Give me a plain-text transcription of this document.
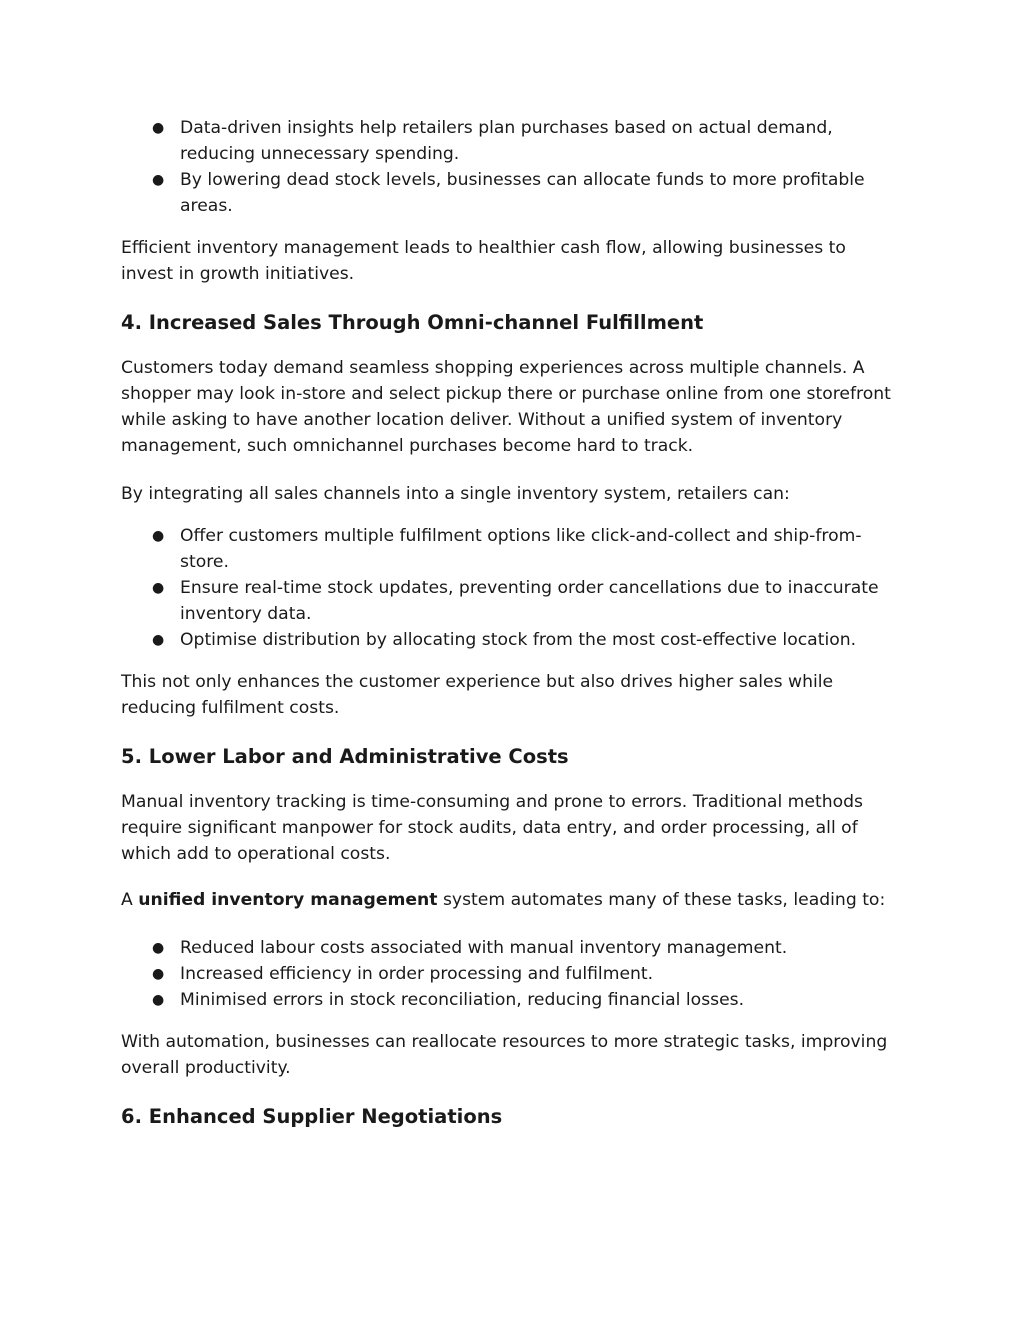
● Data-driven insights help retailers plan purchases based on actual demand, reducing unnecessary spending.
● By lowering dead stock levels, businesses can allocate funds to more profitable areas.

Efficient inventory management leads to healthier cash flow, allowing businesses to invest in growth initiatives.

4. Increased Sales Through Omni-channel Fulfillment

Customers today demand seamless shopping experiences across multiple channels. A shopper may look in-store and select pickup there or purchase online from one storefront while asking to have another location deliver. Without a unified system of inventory management, such omnichannel purchases become hard to track.

By integrating all sales channels into a single inventory system, retailers can:

● Offer customers multiple fulfilment options like click-and-collect and ship-from-store.
● Ensure real-time stock updates, preventing order cancellations due to inaccurate inventory data.
● Optimise distribution by allocating stock from the most cost-effective location.

This not only enhances the customer experience but also drives higher sales while reducing fulfilment costs.

5. Lower Labor and Administrative Costs

Manual inventory tracking is time-consuming and prone to errors. Traditional methods require significant manpower for stock audits, data entry, and order processing, all of which add to operational costs.

A unified inventory management system automates many of these tasks, leading to:

● Reduced labour costs associated with manual inventory management.
● Increased efficiency in order processing and fulfilment.
● Minimised errors in stock reconciliation, reducing financial losses.

With automation, businesses can reallocate resources to more strategic tasks, improving overall productivity.

6. Enhanced Supplier Negotiations
